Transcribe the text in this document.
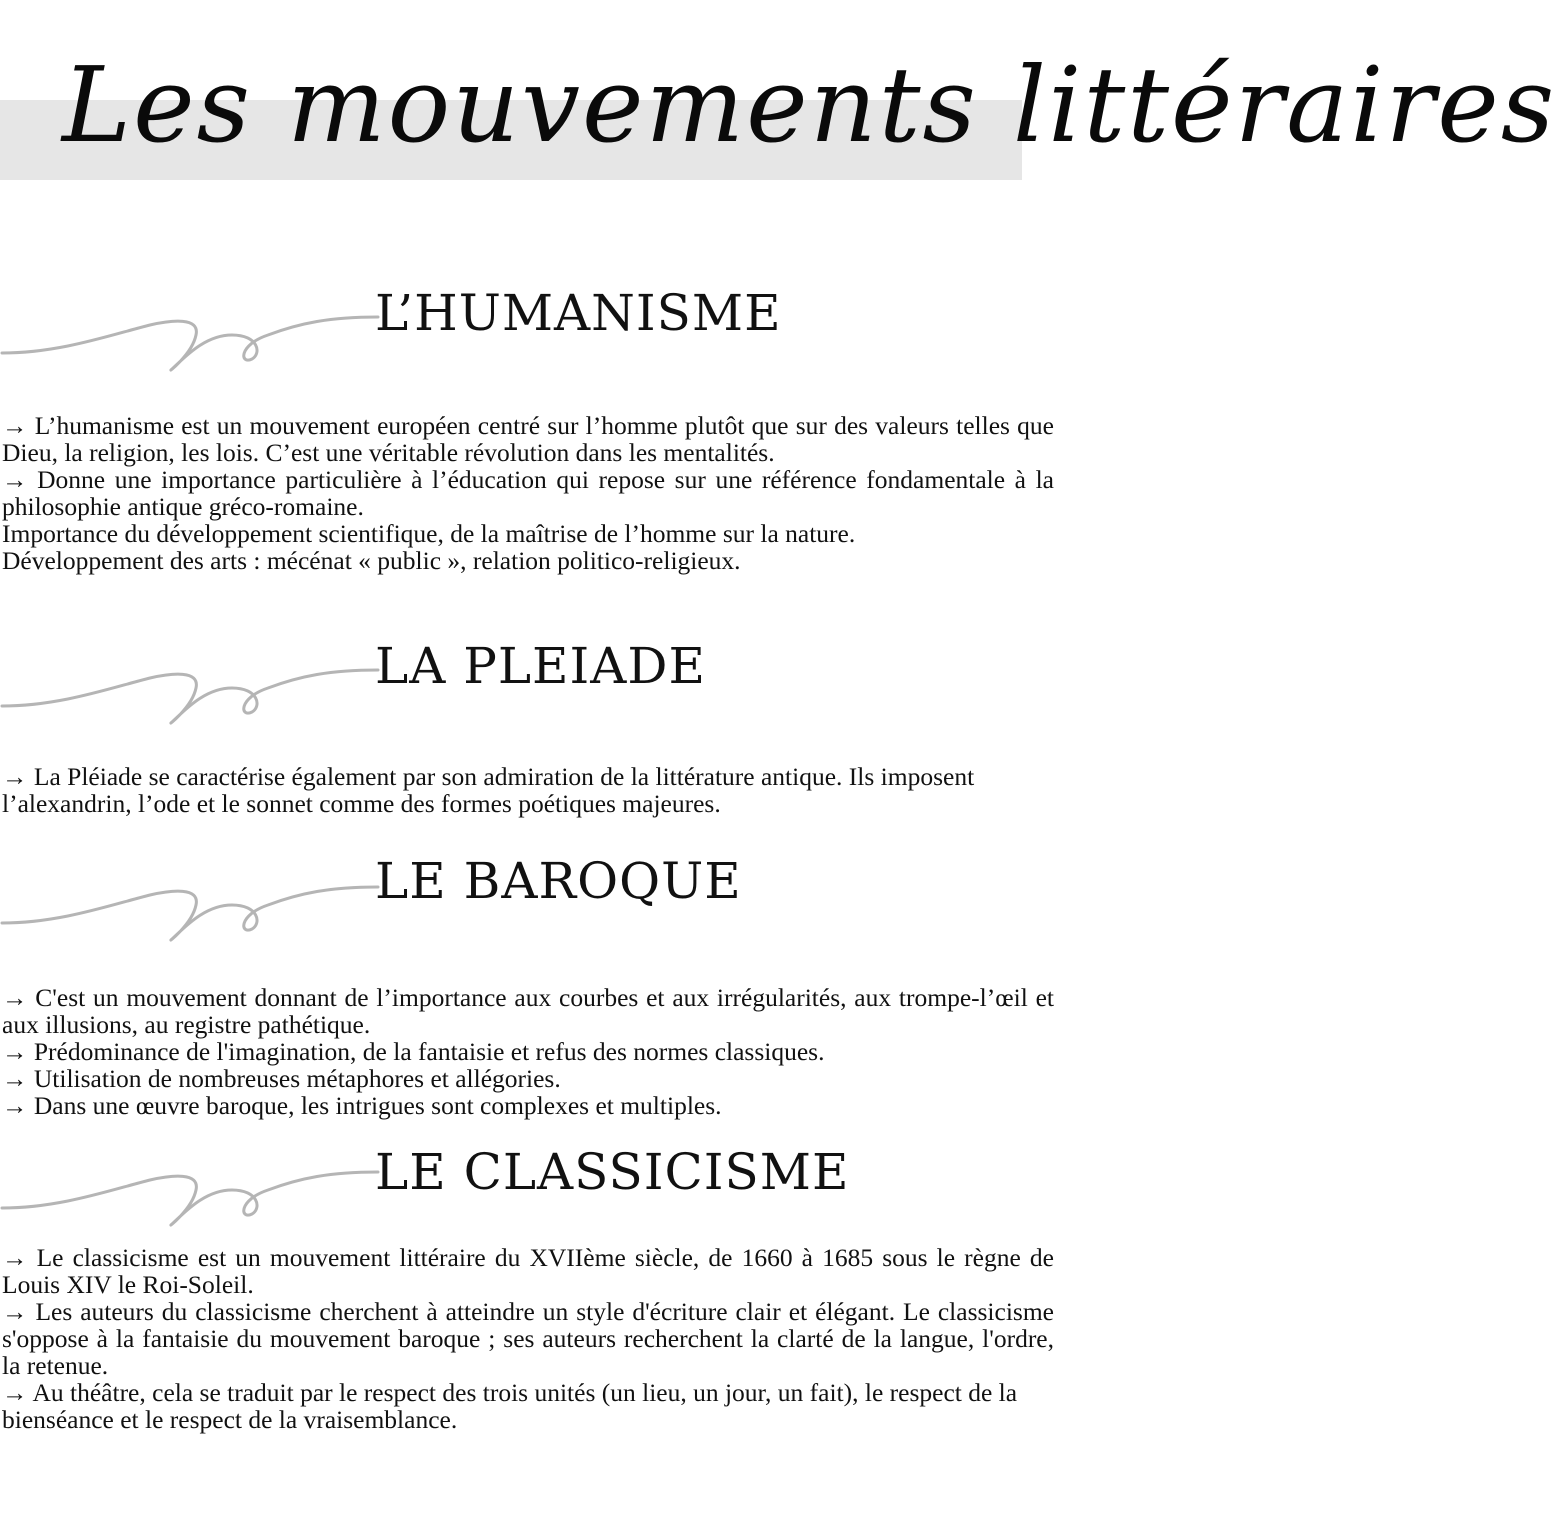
Les mouvements littéraires
L’HUMANISME

→ L’humanisme est un mouvement européen centré sur l’homme plutôt que sur des valeurs telles que Dieu, la religion, les lois. C’est une véritable révolution dans les mentalités.

→ Donne une importance particulière à l’éducation qui repose sur une référence fondamentale à la philosophie antique gréco-romaine.

Importance du développement scientifique, de la maîtrise de l’homme sur la nature.

Développement des arts : mécénat « public », relation politico-religieux.

LA PLEIADE

→ La Pléiade se caractérise également par son admiration de la littérature antique. Ils imposent l’alexandrin, l’ode et le sonnet comme des formes poétiques majeures.

LE BAROQUE

→ C'est un mouvement donnant de l’importance aux courbes et aux irrégularités, aux trompe-l’œil et aux illusions, au registre pathétique.

→ Prédominance de l'imagination, de la fantaisie et refus des normes classiques.

→ Utilisation de nombreuses métaphores et allégories.

→ Dans une œuvre baroque, les intrigues sont complexes et multiples.

LE CLASSICISME

→ Le classicisme est un mouvement littéraire du XVIIème siècle, de 1660 à 1685 sous le règne de Louis XIV le Roi-Soleil.

→ Les auteurs du classicisme cherchent à atteindre un style d'écriture clair et élégant. Le classicisme s'oppose à la fantaisie du mouvement baroque ; ses auteurs recherchent la clarté de la langue, l'ordre, la retenue.

→ Au théâtre, cela se traduit par le respect des trois unités (un lieu, un jour, un fait), le respect de la bienséance et le respect de la vraisemblance.
